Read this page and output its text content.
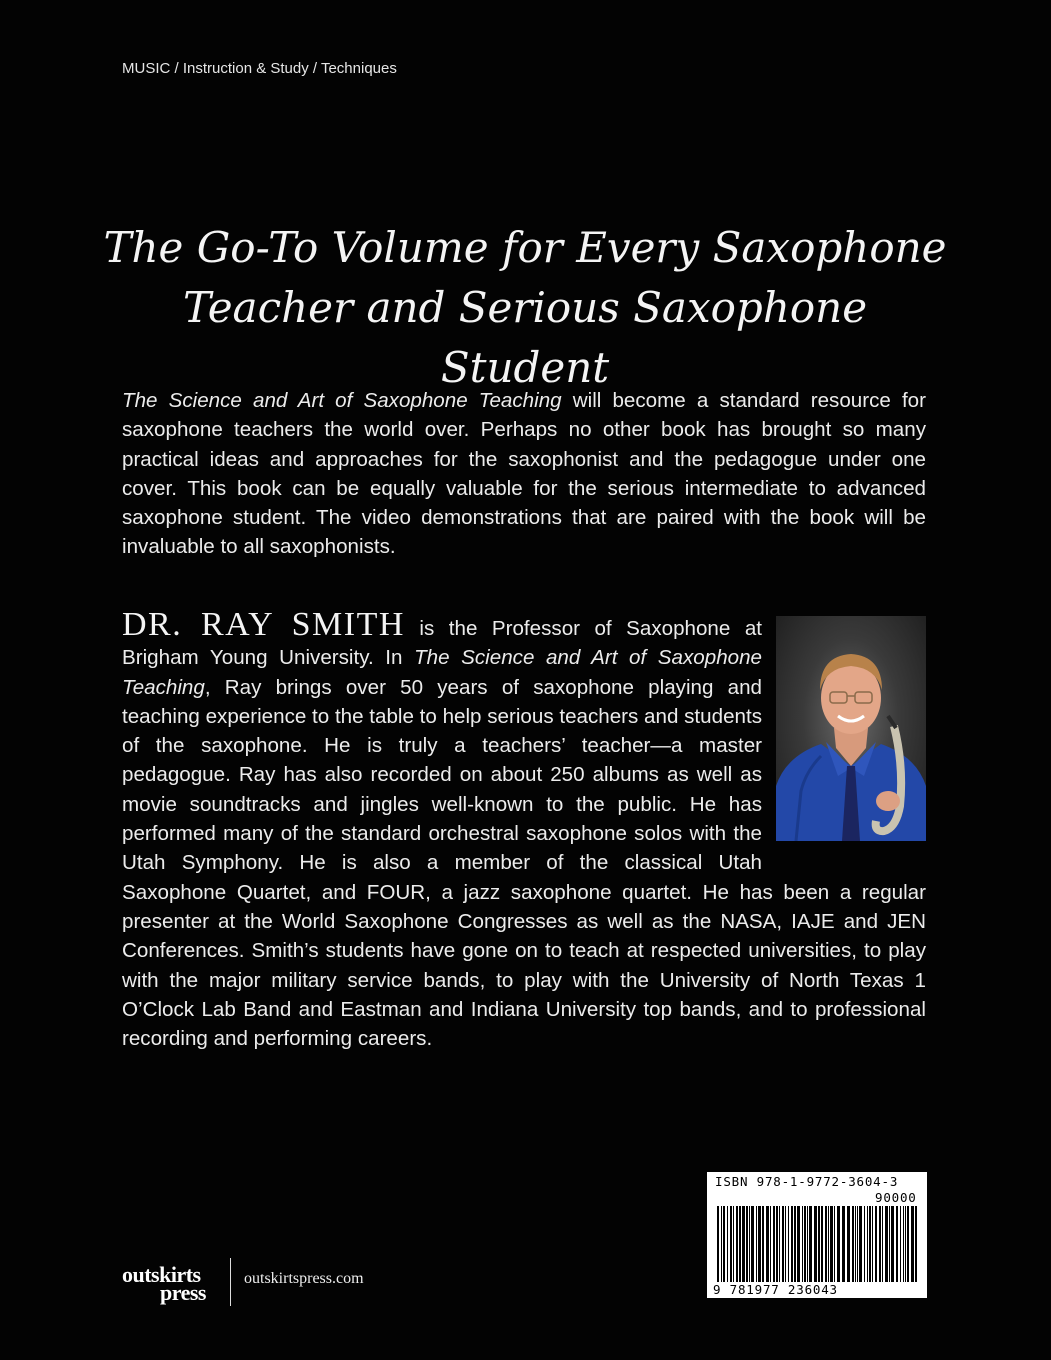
MUSIC / Instruction & Study / Techniques
The Go-To Volume for Every Saxophone
Teacher and Serious Saxophone Student
The Science and Art of Saxophone Teaching will become a standard resource for saxophone teachers the world over. Perhaps no other book has brought so many practical ideas and approaches for the saxophonist and the pedagogue under one cover. This book can be equally valuable for the serious intermediate to advanced saxophone student. The video demonstrations that are paired with the book will be invaluable to all saxophonists.
DR. RAY SMITH is the Professor of Saxophone at Brigham Young University. In The Science and Art of Saxophone Teaching, Ray brings over 50 years of saxophone playing and teaching experience to the table to help serious teachers and students of the saxophone. He is truly a teachers’ teacher—a master pedagogue. Ray has also recorded on about 250 albums as well as movie soundtracks and jingles well-known to the public. He has performed many of the standard orchestral saxophone solos with the Utah Symphony. He is also a member of the classical Utah Saxophone Quartet, and FOUR, a jazz saxophone quartet. He has been a regular presenter at the World Saxophone Congresses as well as the NASA, IAJE and JEN Conferences. Smith’s students have gone on to teach at respected universities, to play with the major military service bands, to play with the University of North Texas 1 O’Clock Lab Band and Eastman and Indiana University top bands, and to professional recording and performing careers.
outskirts
press
outskirtspress.com
ISBN 978-1-9772-3604-3
90000
9 781977 236043
